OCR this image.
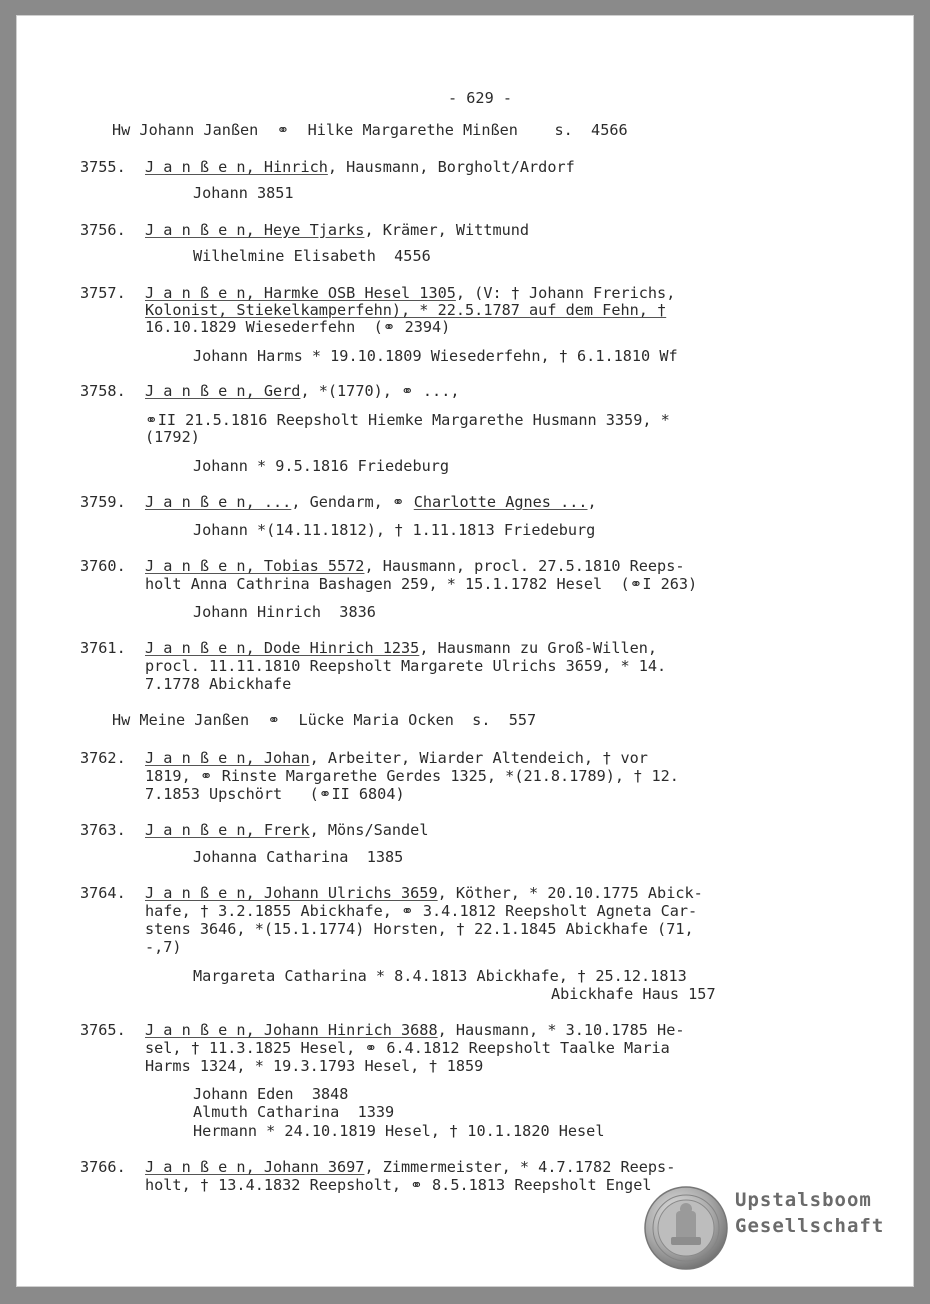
- 629 -
Hw Johann Janßen  ⚭  Hilke Margarethe Minßen    s.  4566
3755. J a n ß e n, Hinrich, Hausmann, Borgholt/Ardorf
Johann 3851
3756. J a n ß e n, Heye Tjarks, Krämer, Wittmund
Wilhelmine Elisabeth  4556
3757. J a n ß e n, Harmke OSB Hesel 1305, (V: † Johann Frerichs,
Kolonist, Stiekelkamperfehn), * 22.5.1787 auf dem Fehn, †
16.10.1829 Wiesederfehn  (⚭ 2394)
Johann Harms * 19.10.1809 Wiesederfehn, † 6.1.1810 Wf
3758. J a n ß e n, Gerd, *(1770), ⚭ ...,
⚭II 21.5.1816 Reepsholt Hiemke Margarethe Husmann 3359, *
(1792)
Johann * 9.5.1816 Friedeburg
3759. J a n ß e n, ..., Gendarm, ⚭ Charlotte Agnes ...,
Johann *(14.11.1812), † 1.11.1813 Friedeburg
3760. J a n ß e n, Tobias 5572, Hausmann, procl. 27.5.1810 Reeps-
holt Anna Cathrina Bashagen 259, * 15.1.1782 Hesel  (⚭I 263)
Johann Hinrich  3836
3761. J a n ß e n, Dode Hinrich 1235, Hausmann zu Groß-Willen,
procl. 11.11.1810 Reepsholt Margarete Ulrichs 3659, * 14.
7.1778 Abickhafe
Hw Meine Janßen  ⚭  Lücke Maria Ocken  s.  557
3762. J a n ß e n, Johan, Arbeiter, Wiarder Altendeich, † vor
1819, ⚭ Rinste Margarethe Gerdes 1325, *(21.8.1789), † 12.
7.1853 Upschört   (⚭II 6804)
3763. J a n ß e n, Frerk, Möns/Sandel
Johanna Catharina  1385
3764. J a n ß e n, Johann Ulrichs 3659, Köther, * 20.10.1775 Abick-
hafe, † 3.2.1855 Abickhafe, ⚭ 3.4.1812 Reepsholt Agneta Car-
stens 3646, *(15.1.1774) Horsten, † 22.1.1845 Abickhafe (71,
-,7)
Margareta Catharina * 8.4.1813 Abickhafe, † 25.12.1813
Abickhafe Haus 157
3765. J a n ß e n, Johann Hinrich 3688, Hausmann, * 3.10.1785 He-
sel, † 11.3.1825 Hesel, ⚭ 6.4.1812 Reepsholt Taalke Maria
Harms 1324, * 19.3.1793 Hesel, † 1859
Johann Eden  3848
Almuth Catharina  1339
Hermann * 24.10.1819 Hesel, † 10.1.1820 Hesel
3766. J a n ß e n, Johann 3697, Zimmermeister, * 4.7.1782 Reeps-
holt, † 13.4.1832 Reepsholt, ⚭ 8.5.1813 Reepsholt Engel
Upstalsboom
Gesellschaft
